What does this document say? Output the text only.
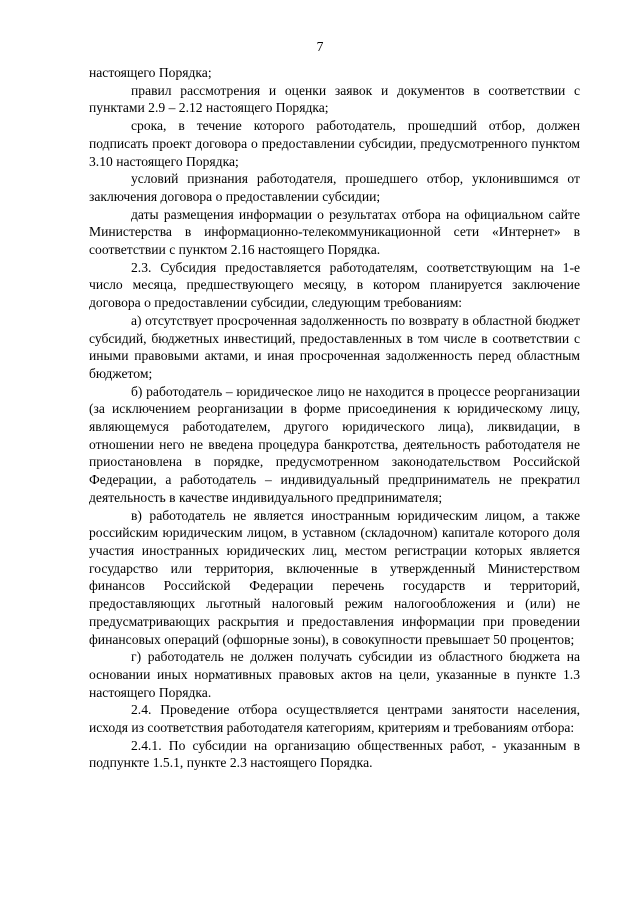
7

настоящего Порядка;

правил рассмотрения и оценки заявок и документов в соответствии с пунктами 2.9 – 2.12 настоящего Порядка;

срока, в течение которого работодатель, прошедший отбор, должен подписать проект договора о предоставлении субсидии, предусмотренного пунктом 3.10 настоящего Порядка;

условий признания работодателя, прошедшего отбор, уклонившимся от заключения договора о предоставлении субсидии;

даты размещения информации о результатах отбора на официальном сайте Министерства в информационно-телекоммуникационной сети «Интернет» в соответствии с пунктом 2.16 настоящего Порядка.

2.3. Субсидия предоставляется работодателям, соответствующим на 1-е число месяца, предшествующего месяцу, в котором планируется заключение договора о предоставлении субсидии, следующим требованиям:

а) отсутствует просроченная задолженность по возврату в областной бюджет субсидий, бюджетных инвестиций, предоставленных в том числе в соответствии с иными правовыми актами, и иная просроченная задолженность перед областным бюджетом;

б) работодатель – юридическое лицо не находится в процессе реорганизации (за исключением реорганизации в форме присоединения к юридическому лицу, являющемуся работодателем, другого юридического лица), ликвидации, в отношении него не введена процедура банкротства, деятельность работодателя не приостановлена в порядке, предусмотренном законодательством Российской Федерации, а работодатель – индивидуальный предприниматель не прекратил деятельность в качестве индивидуального предпринимателя;

в) работодатель не является иностранным юридическим лицом, а также российским юридическим лицом, в уставном (складочном) капитале которого доля участия иностранных юридических лиц, местом регистрации которых является государство или территория, включенные в утвержденный Министерством финансов Российской Федерации перечень государств и территорий, предоставляющих льготный налоговый режим налогообложения и (или) не предусматривающих раскрытия и предоставления информации при проведении финансовых операций (офшорные зоны), в совокупности превышает 50 процентов;

г) работодатель не должен получать субсидии из областного бюджета на основании иных нормативных правовых актов на цели, указанные в пункте 1.3 настоящего Порядка.

2.4. Проведение отбора осуществляется центрами занятости населения, исходя из соответствия работодателя категориям, критериям и требованиям отбора:

2.4.1. По субсидии на организацию общественных работ, - указанным в подпункте 1.5.1, пункте 2.3 настоящего Порядка.
